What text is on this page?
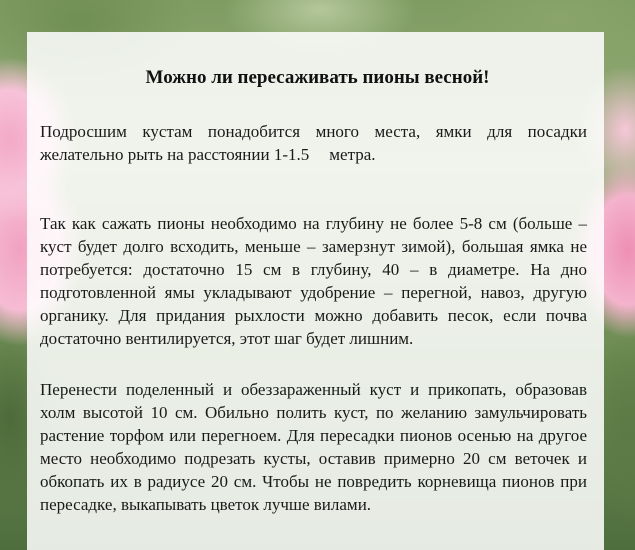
Можно ли пересаживать пионы весной!

Подросшим кустам понадобится много места, ямки для посадки желательно рыть на расстоянии 1-1.5 метра.

Так как сажать пионы необходимо на глубину не более 5-8 см (больше – куст будет долго всходить, меньше – замерзнут зимой), большая ямка не потребуется: достаточно 15 см в глубину, 40 – в диаметре. На дно подготовленной ямы укладывают удобрение – перегной, навоз, другую органику. Для придания рыхлости можно добавить песок, если почва достаточно вентилируется, этот шаг будет лишним.

Перенести поделенный и обеззараженный куст и прикопать, образовав холм высотой 10 см. Обильно полить куст, по желанию замульчировать растение торфом или перегноем. Для пересадки пионов осенью на другое место необходимо подрезать кусты, оставив примерно 20 см веточек и обкопать их в радиусе 20 см. Чтобы не повредить корневища пионов при пересадке, выкапывать цветок лучше вилами.
